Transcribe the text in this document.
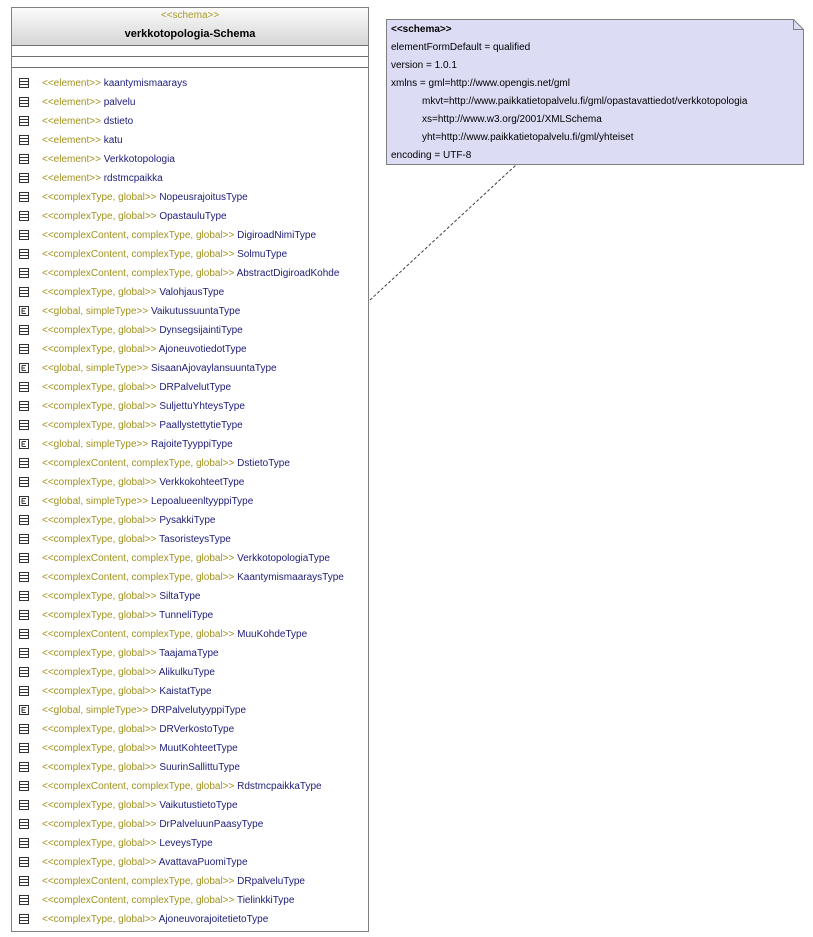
<<schema>>
verkkotopologia-Schema
<<element>> kaantymismaarays
<<element>> palvelu
<<element>> dstieto
<<element>> katu
<<element>> Verkkotopologia
<<element>> rdstmcpaikka
<<complexType, global>> NopeusrajoitusType
<<complexType, global>> OpastauluType
<<complexContent, complexType, global>> DigiroadNimiType
<<complexContent, complexType, global>> SolmuType
<<complexContent, complexType, global>> AbstractDigiroadKohde
<<complexType, global>> ValohjausType
<<global, simpleType>> VaikutussuuntaType
<<complexType, global>> DynsegsijaintiType
<<complexType, global>> AjoneuvotiedotType
<<global, simpleType>> SisaanAjovaylansuuntaType
<<complexType, global>> DRPalvelutType
<<complexType, global>> SuljettuYhteysType
<<complexType, global>> PaallystettytieType
<<global, simpleType>> RajoiteTyyppiType
<<complexContent, complexType, global>> DstietoType
<<complexType, global>> VerkkokohteetType
<<global, simpleType>> LepoalueenltyyppiType
<<complexType, global>> PysakkiType
<<complexType, global>> TasoristeysType
<<complexContent, complexType, global>> VerkkotopologiaType
<<complexContent, complexType, global>> KaantymismaaraysType
<<complexType, global>> SiltaType
<<complexType, global>> TunneliType
<<complexContent, complexType, global>> MuuKohdeType
<<complexType, global>> TaajamaType
<<complexType, global>> AlikulkuType
<<complexType, global>> KaistatType
<<global, simpleType>> DRPalvelutyyppiType
<<complexType, global>> DRVerkostoType
<<complexType, global>> MuutKohteetType
<<complexType, global>> SuurinSallittuType
<<complexContent, complexType, global>> RdstmcpaikkaType
<<complexType, global>> VaikutustietoType
<<complexType, global>> DrPalveluunPaasyType
<<complexType, global>> LeveysType
<<complexType, global>> AvattavaPuomiType
<<complexContent, complexType, global>> DRpalveluType
<<complexContent, complexType, global>> TielinkkiType
<<complexType, global>> AjoneuvorajoitetietoType
<<schema>>
elementFormDefault = qualified
version = 1.0.1
xmlns = gml=http://www.opengis.net/gml
mkvt=http://www.paikkatietopalvelu.fi/gml/opastavattiedot/verkkotopologia
xs=http://www.w3.org/2001/XMLSchema
yht=http://www.paikkatietopalvelu.fi/gml/yhteiset
encoding = UTF-8
